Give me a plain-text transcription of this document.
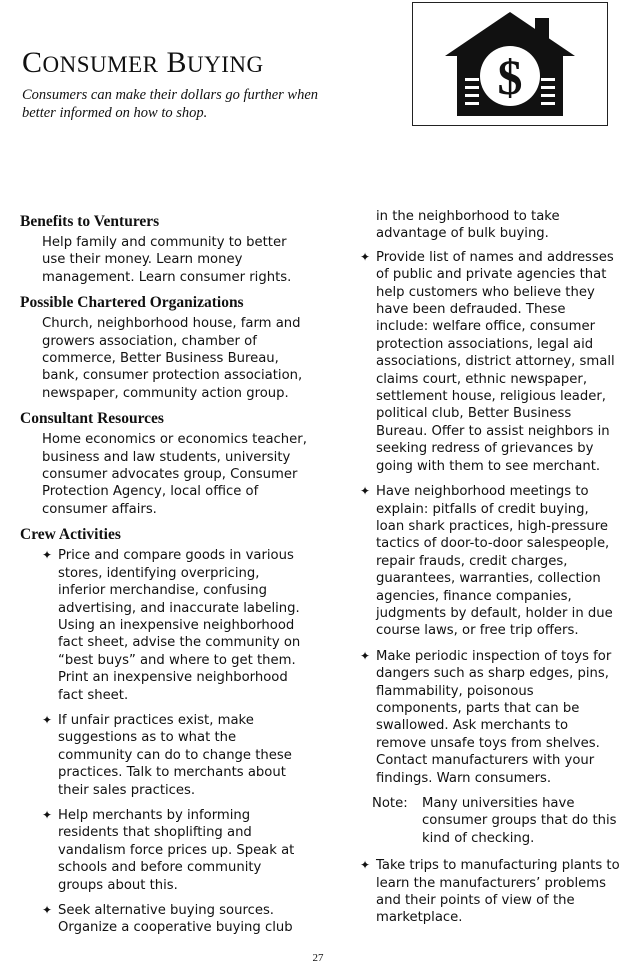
CONSUMER BUYING
Consumers can make their dollars go further when better informed on how to shop.
$
Benefits to Venturers
Help family and community to better use their money. Learn money management. Learn consumer rights.
Possible Chartered Organizations
Church, neighborhood house, farm and growers association, chamber of commerce, Better Business Bureau, bank, consumer protection association, newspaper, community action group.
Consultant Resources
Home economics or economics teacher, business and law students, university consumer advocates group, Consumer Protection Agency, local office of consumer affairs.
Crew Activities
✦ Price and compare goods in various stores, identifying overpricing, inferior merchandise, confusing advertising, and inaccurate labeling. Using an inexpensive neighborhood fact sheet, advise the community on “best buys” and where to get them. Print an inexpensive neighborhood fact sheet.
✦ If unfair practices exist, make suggestions as to what the community can do to change these practices. Talk to merchants about their sales practices.
✦ Help merchants by informing residents that shoplifting and vandalism force prices up. Speak at schools and before community groups about this.
✦ Seek alternative buying sources. Organize a cooperative buying club
in the neighborhood to take advantage of bulk buying.
✦ Provide list of names and addresses of public and private agencies that help customers who believe they have been defrauded. These include: welfare office, consumer protection associations, legal aid associations, district attorney, small claims court, ethnic newspaper, settlement house, religious leader, political club, Better Business Bureau. Offer to assist neighbors in seeking redress of grievances by going with them to see merchant.
✦ Have neighborhood meetings to explain: pitfalls of credit buying, loan shark practices, high-pressure tactics of door-to-door salespeople, repair frauds, credit charges, guarantees, warranties, collection agencies, finance companies, judgments by default, holder in due course laws, or free trip offers.
✦ Make periodic inspection of toys for dangers such as sharp edges, pins, flammability, poisonous components, parts that can be swallowed. Ask merchants to remove unsafe toys from shelves. Contact manufacturers with your findings. Warn consumers.
Note: Many universities have consumer groups that do this kind of checking.
✦ Take trips to manufacturing plants to learn the manufacturers’ problems and their points of view of the marketplace.
27
